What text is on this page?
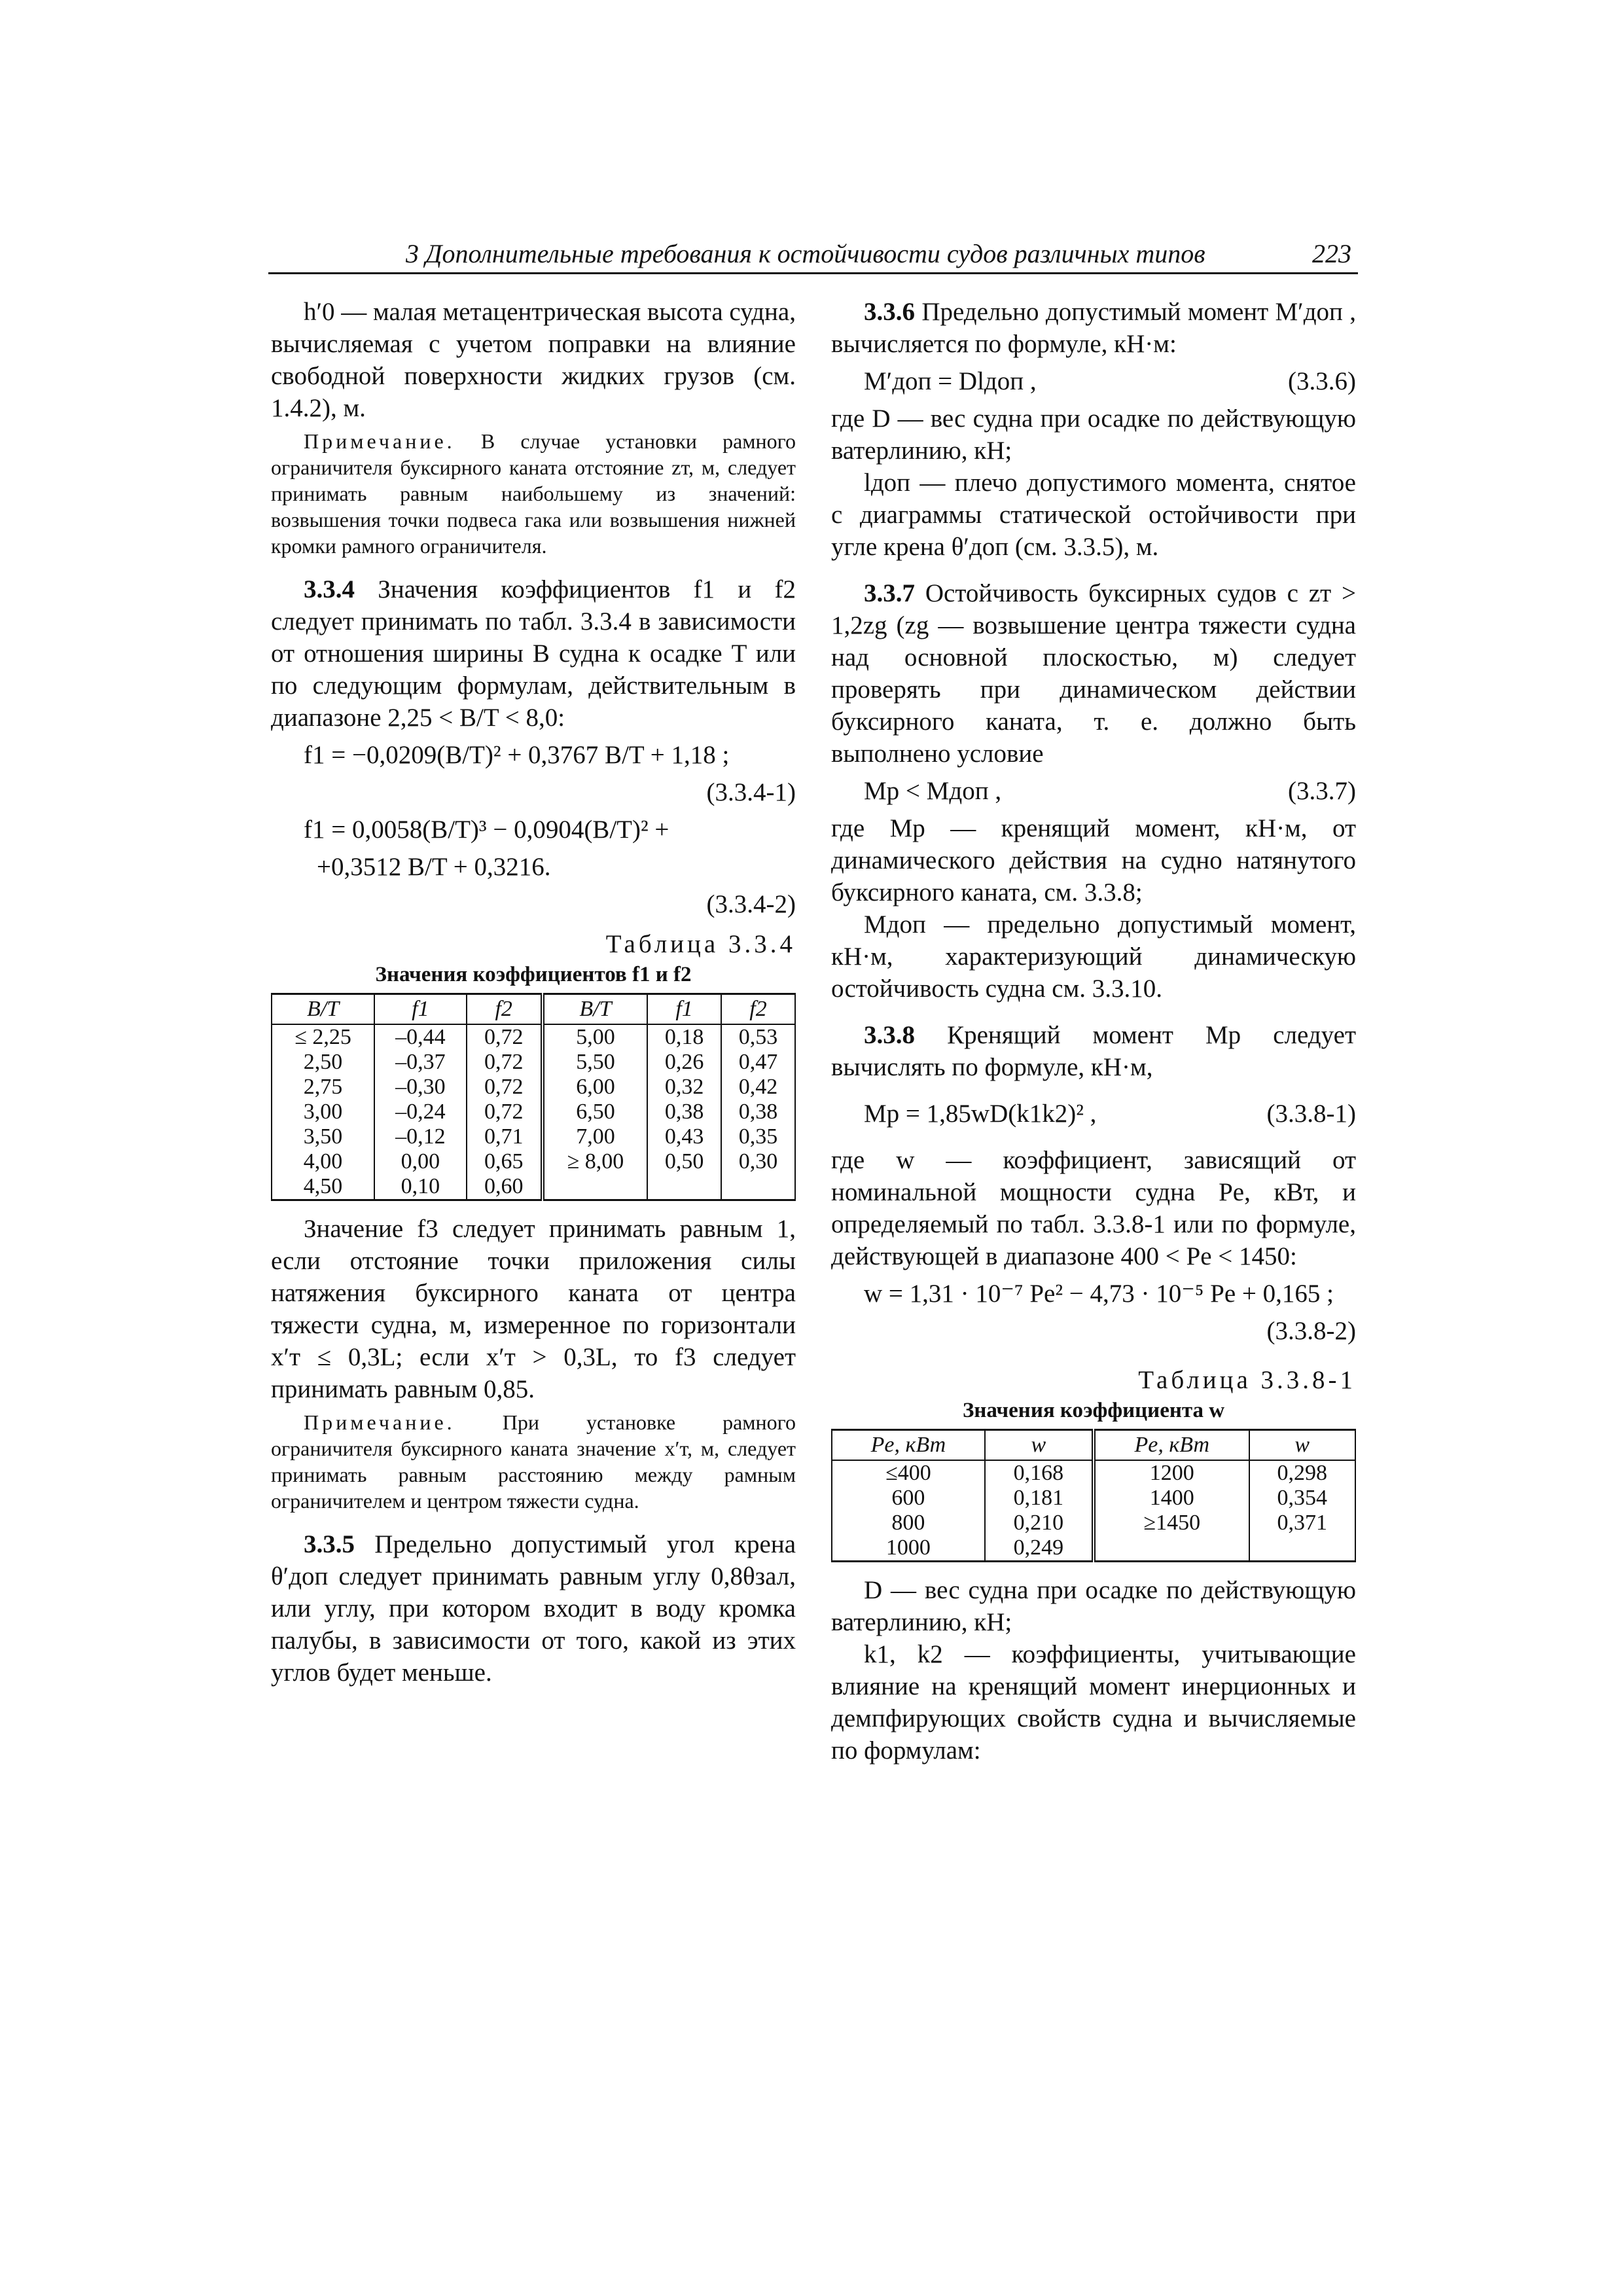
3 Дополнительные требования к остойчивости судов различных типов	223

h′0 — малая метацентрическая высота судна, вычисляемая с учетом поправки на влияние свободной поверхности жидких грузов (см. 1.4.2), м.

Примечание. В случае установки рамного ограничителя буксирного каната отстояние zт, м, следует принимать равным наибольшему из значений: возвышения точки подвеса гака или возвышения нижней кромки рамного ограничителя.

3.3.4 Значения коэффициентов f1 и f2 следует принимать по табл. 3.3.4 в зависимости от отношения ширины B судна к осадке T или по следующим формулам, действительным в диапазоне 2,25 < B/T < 8,0:

f1 = −0,0209(B/T)² + 0,3767 B/T + 1,18 ;
(3.3.4-1)
f1 = 0,0058(B/T)³ − 0,0904(B/T)² +
+0,3512 B/T + 0,3216.
(3.3.4-2)
Таблица 3.3.4
Значения коэффициентов f1 и f2
B/T	f1	f2	B/T	f1	f2
≤ 2,25	–0,44	0,72	5,00	0,18	0,53
2,50	–0,37	0,72	5,50	0,26	0,47
2,75	–0,30	0,72	6,00	0,32	0,42
3,00	–0,24	0,72	6,50	0,38	0,38
3,50	–0,12	0,71	7,00	0,43	0,35
4,00	0,00	0,65	≥ 8,00	0,50	0,30
4,50	0,10	0,60			

Значение f3 следует принимать равным 1, если отстояние точки приложения силы натяжения буксирного каната от центра тяжести судна, м, измеренное по горизонтали x′т ≤ 0,3L; если x′т > 0,3L, то f3 следует принимать равным 0,85.

Примечание. При установке рамного ограничителя буксирного каната значение x′т, м, следует принимать равным расстоянию между рамным ограничителем и центром тяжести судна.

3.3.5 Предельно допустимый угол крена θ′доп следует принимать равным углу 0,8θзал, или углу, при котором входит в воду кромка палубы, в зависимости от того, какой из этих углов будет меньше.

3.3.6 Предельно допустимый момент M′доп , вычисляется по формуле, кН·м:

M′доп = Dlдоп ,	(3.3.6)

где D — вес судна при осадке по действующую ватерлинию, кН;

lдоп — плечо допустимого момента, снятое с диаграммы статической остойчивости при угле крена θ′доп (см. 3.3.5), м.

3.3.7 Остойчивость буксирных судов с zт > 1,2zg (zg — возвышение центра тяжести судна над основной плоскостью, м) следует проверять при динамическом действии буксирного каната, т. е. должно быть выполнено условие

Mр < Mдоп ,	(3.3.7)

где Mр — кренящий момент, кН·м, от динамического действия на судно натянутого буксирного каната, см. 3.3.8;

Mдоп — предельно допустимый момент, кН·м, характеризующий динамическую остойчивость судна см. 3.3.10.

3.3.8 Кренящий момент Mр следует вычислять по формуле, кН·м,

Mр = 1,85wD(k1k2)² ,	(3.3.8-1)

где w — коэффициент, зависящий от номинальной мощности судна Pе, кВт, и определяемый по табл. 3.3.8-1 или по формуле, действующей в диапазоне 400 < Pе < 1450:

w = 1,31 · 10⁻⁷ Pе² − 4,73 · 10⁻⁵ Pе + 0,165 ;
(3.3.8-2)
Таблица 3.3.8-1
Значения коэффициента w
Pе, кВт	w	Pе, кВт	w
≤400	0,168	1200	0,298
600	0,181	1400	0,354
800	0,210	≥1450	0,371
1000	0,249		

D — вес судна при осадке по действующую ватерлинию, кН;

k1, k2 — коэффициенты, учитывающие влияние на кренящий момент инерционных и демпфирующих свойств судна и вычисляемые по формулам:
